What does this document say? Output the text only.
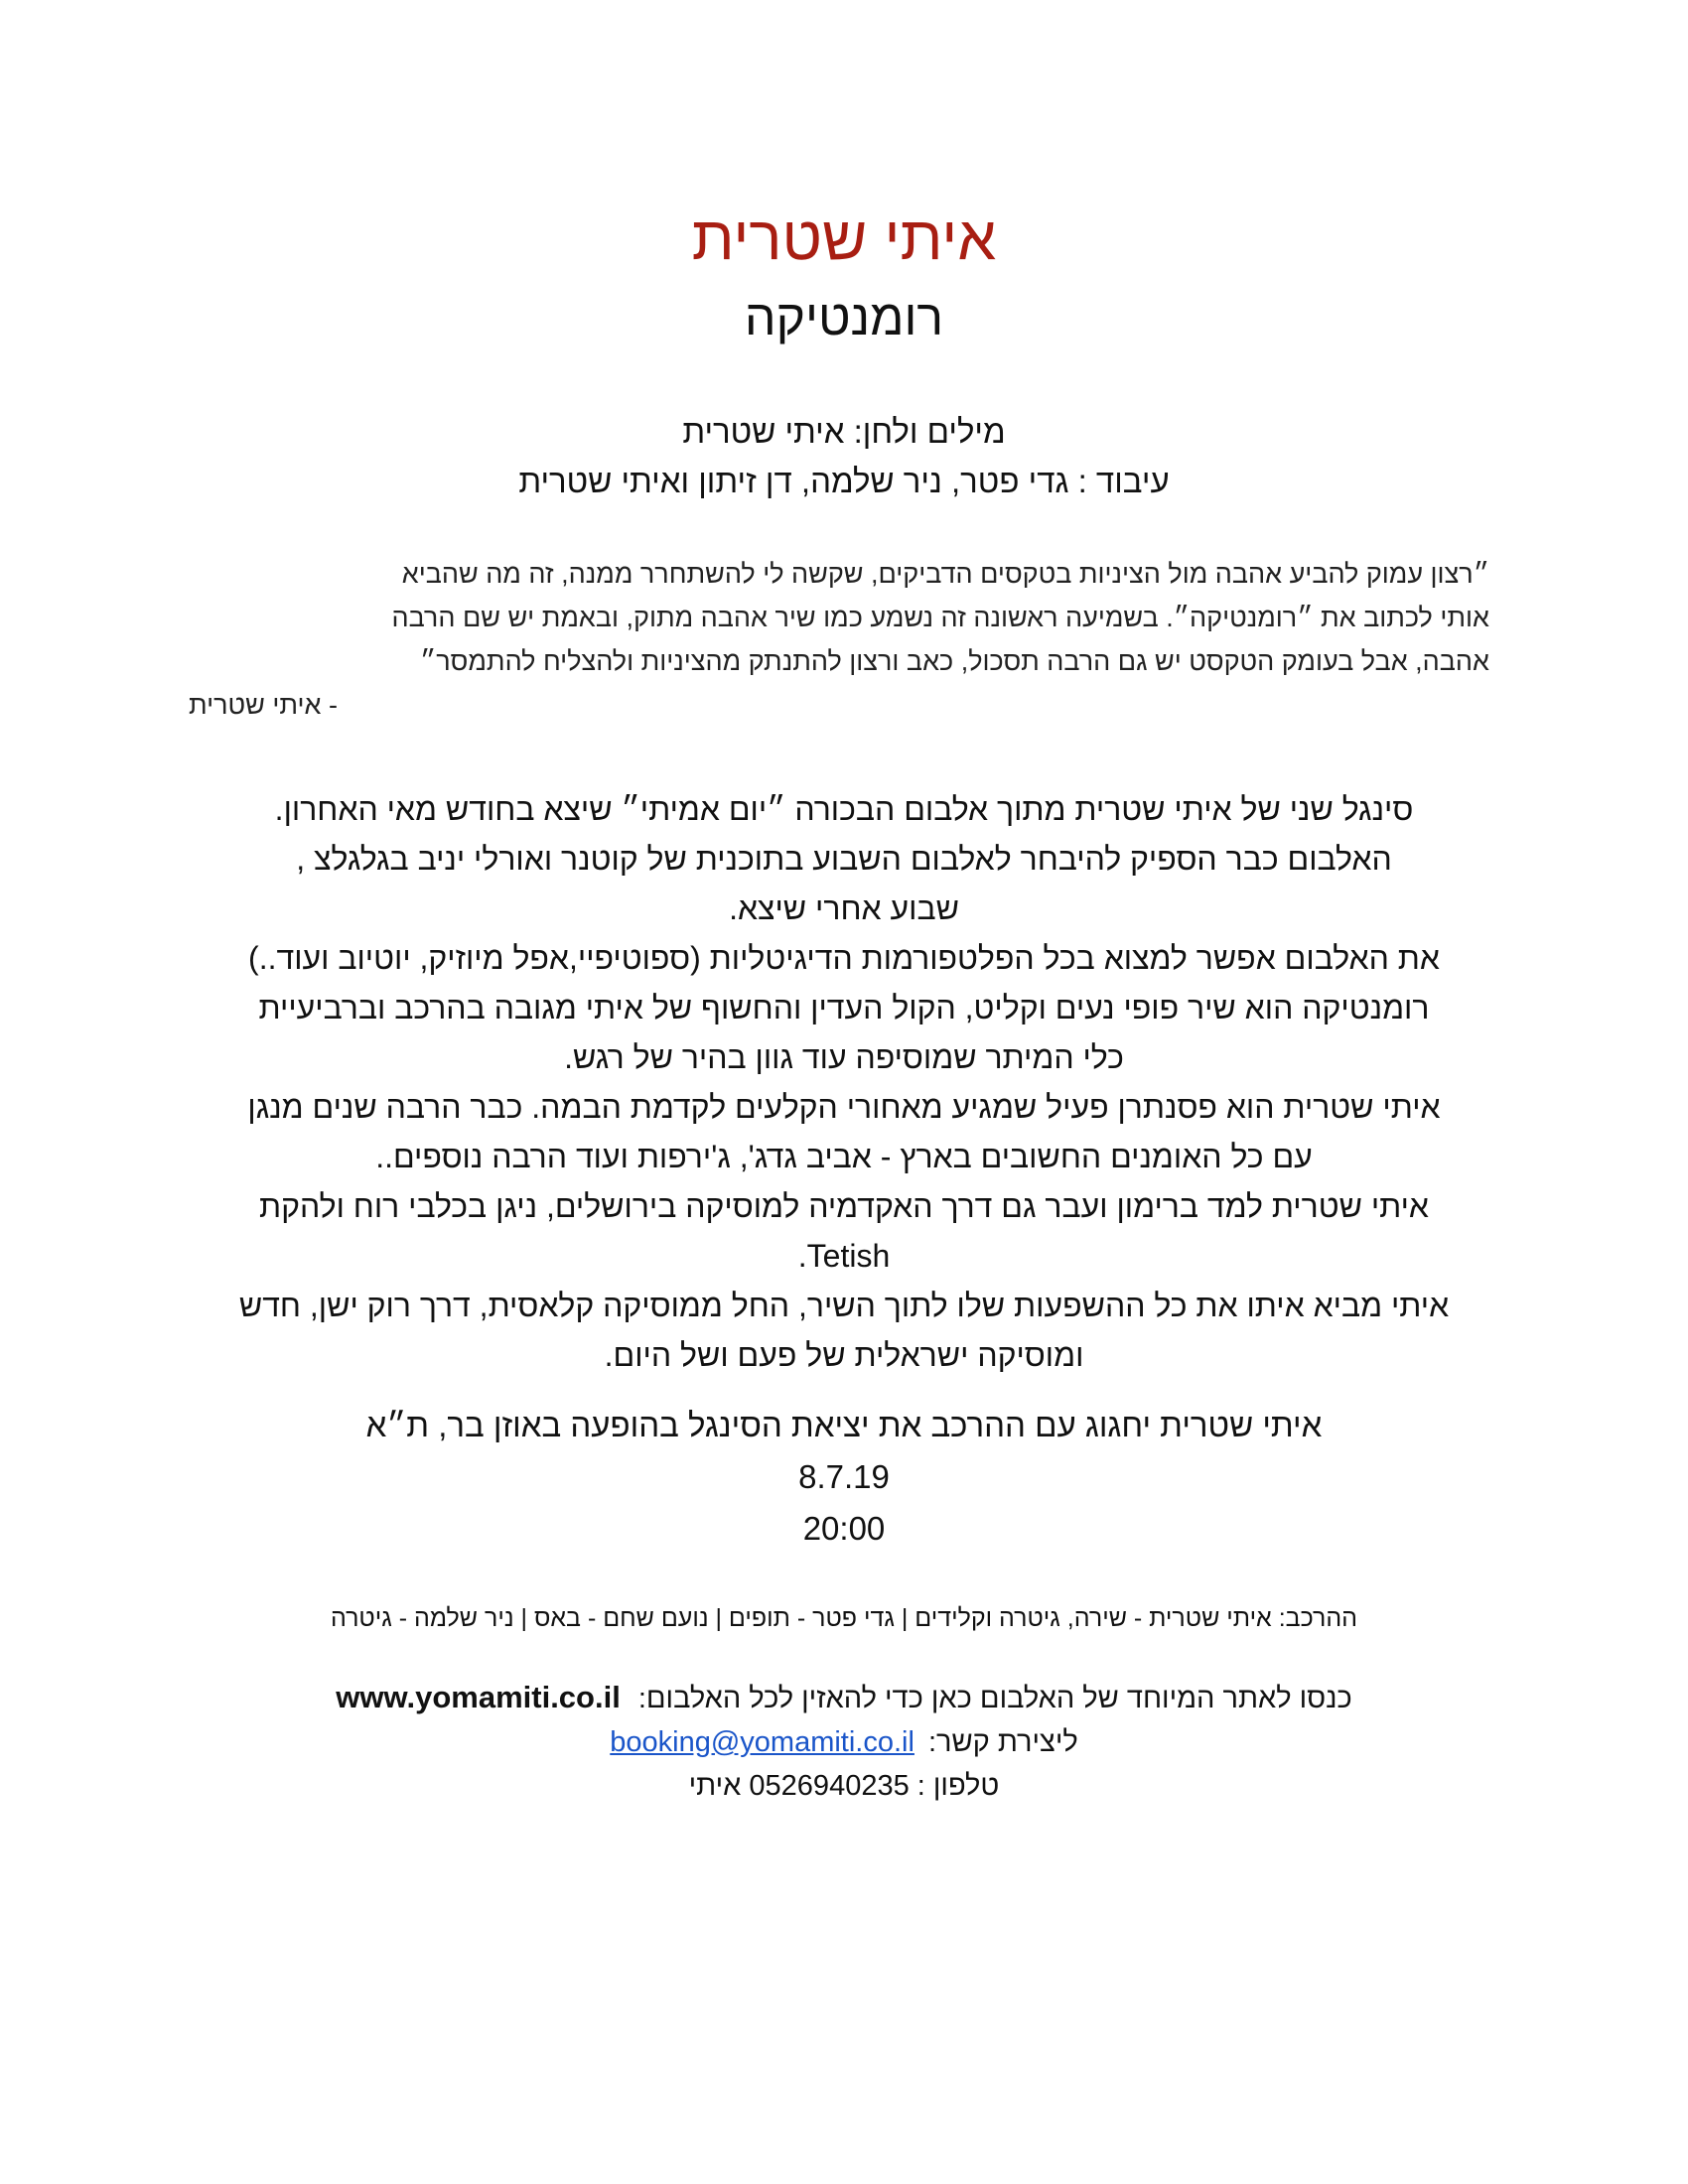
איתי שטרית
רומנטיקה
מילים ולחן: איתי שטרית
עיבוד : גדי פטר, ניר שלמה, דן זיתון ואיתי שטרית
״רצון עמוק להביע אהבה מול הציניות בטקסים הדביקים, שקשה לי להשתחרר ממנה, זה מה שהביא
אותי לכתוב את ״רומנטיקה״. בשמיעה ראשונה זה נשמע כמו שיר אהבה מתוק, ובאמת יש שם הרבה
אהבה, אבל בעומק הטקסט יש גם הרבה תסכול, כאב ורצון להתנתק מהציניות ולהצליח להתמסר״
איתי שטרית -
סינגל שני של איתי שטרית מתוך אלבום הבכורה ״יום אמיתי״ שיצא בחודש מאי האחרון.
האלבום כבר הספיק להיבחר לאלבום השבוע בתוכנית של קוטנר ואורלי יניב בגלגלצ ,
שבוע אחרי שיצא.
את האלבום אפשר למצוא בכל הפלטפורמות הדיגיטליות (ספוטיפיי,אפל מיוזיק, יוטיוב ועוד..)
רומנטיקה הוא שיר פופי נעים וקליט, הקול העדין והחשוף של איתי מגובה בהרכב וברביעיית
כלי המיתר שמוסיפה עוד גוון בהיר של רגש.
איתי שטרית הוא פסנתרן פעיל שמגיע מאחורי הקלעים לקדמת הבמה. כבר הרבה שנים מנגן
עם כל האומנים החשובים בארץ - אביב גדג', ג'ירפות ועוד הרבה נוספים..
איתי שטרית למד ברימון ועבר גם דרך האקדמיה למוסיקה בירושלים, ניגן בכלבי רוח ולהקת
Tetish.
איתי מביא איתו את כל ההשפעות שלו לתוך השיר, החל ממוסיקה קלאסית, דרך רוק ישן, חדש
ומוסיקה ישראלית של פעם ושל היום.
איתי שטרית יחגוג עם ההרכב את יציאת הסינגל בהופעה באוזן בר, ת״א
8.7.19
20:00
ההרכב: איתי שטרית - שירה, גיטרה וקלידים | גדי פטר - תופים | נועם שחם - באס | ניר שלמה - גיטרה
כנסו לאתר המיוחד של האלבום כאן כדי להאזין לכל האלבום:www.yomamiti.co.il
ליצירת קשר:booking@yomamiti.co.il
טלפון : 0526940235 איתי
